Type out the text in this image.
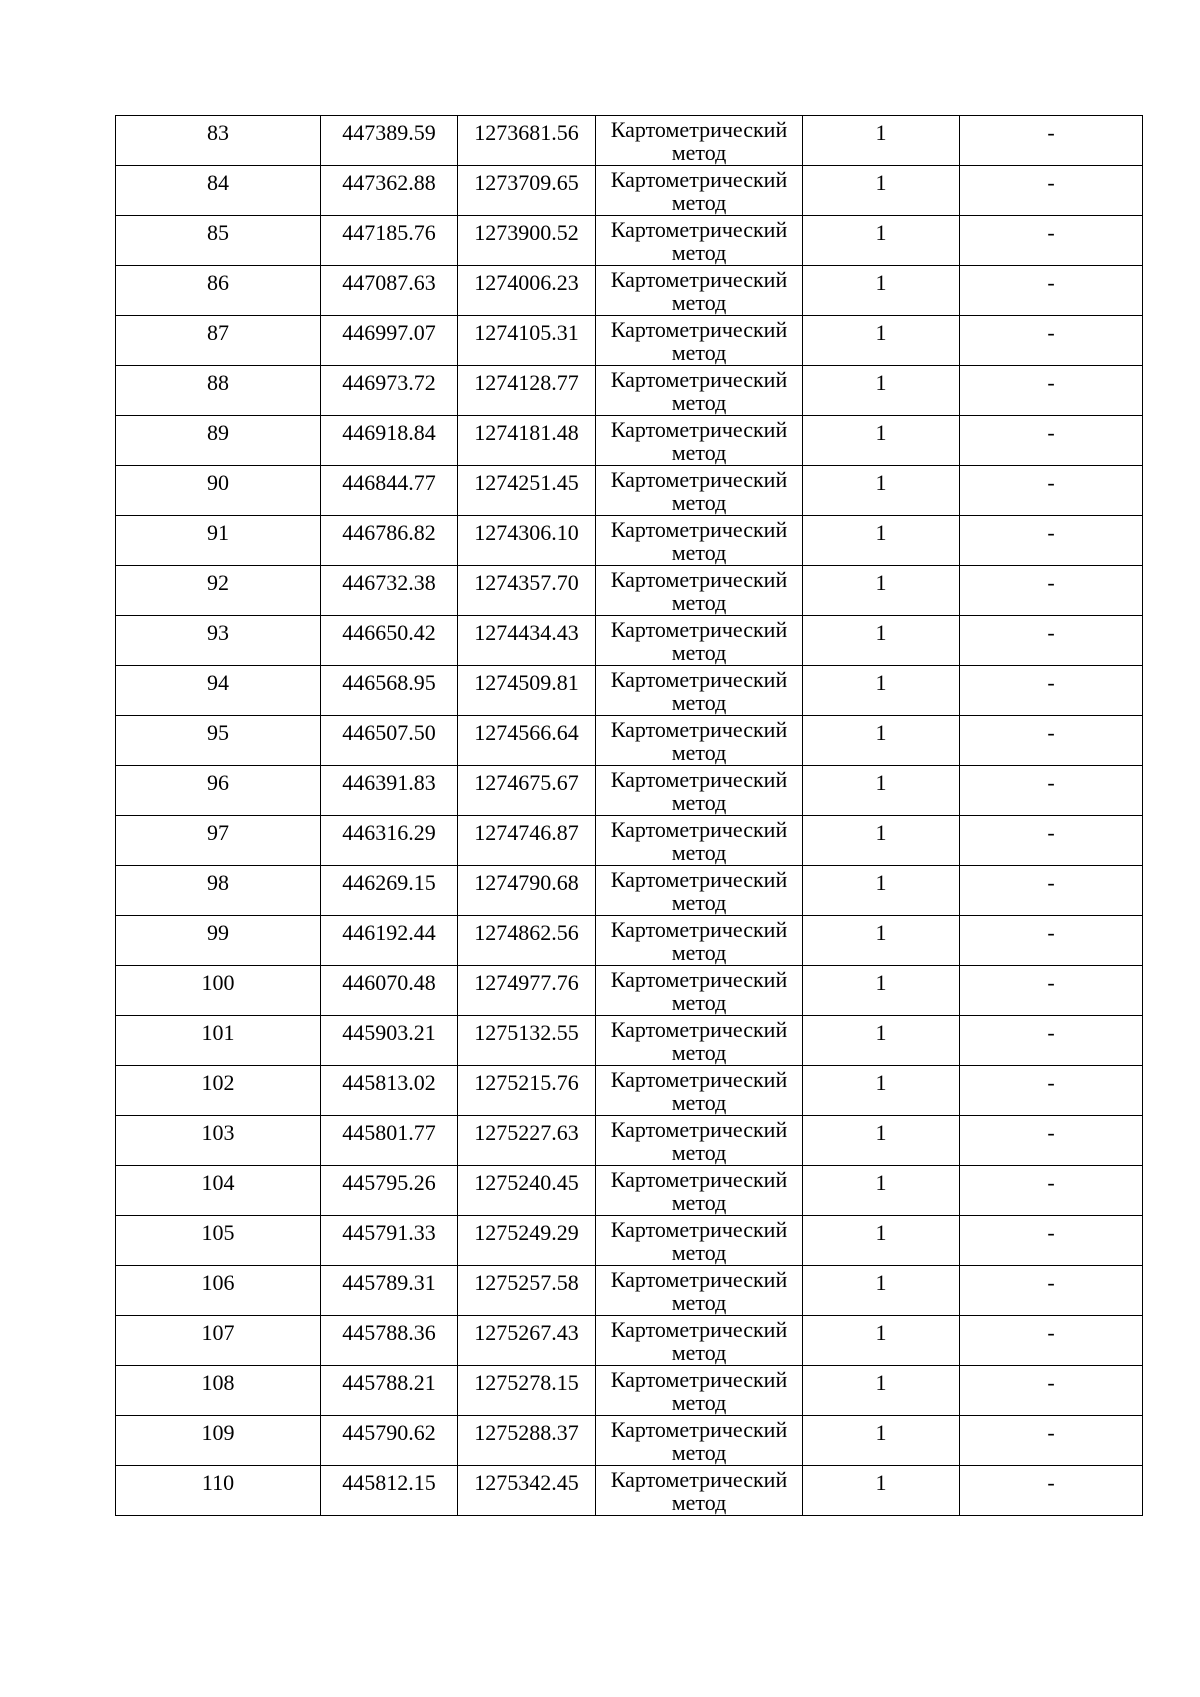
83	447389.59	1273681.56	Картометрический
метод	1	-
84	447362.88	1273709.65	Картометрический
метод	1	-
85	447185.76	1273900.52	Картометрический
метод	1	-
86	447087.63	1274006.23	Картометрический
метод	1	-
87	446997.07	1274105.31	Картометрический
метод	1	-
88	446973.72	1274128.77	Картометрический
метод	1	-
89	446918.84	1274181.48	Картометрический
метод	1	-
90	446844.77	1274251.45	Картометрический
метод	1	-
91	446786.82	1274306.10	Картометрический
метод	1	-
92	446732.38	1274357.70	Картометрический
метод	1	-
93	446650.42	1274434.43	Картометрический
метод	1	-
94	446568.95	1274509.81	Картометрический
метод	1	-
95	446507.50	1274566.64	Картометрический
метод	1	-
96	446391.83	1274675.67	Картометрический
метод	1	-
97	446316.29	1274746.87	Картометрический
метод	1	-
98	446269.15	1274790.68	Картометрический
метод	1	-
99	446192.44	1274862.56	Картометрический
метод	1	-
100	446070.48	1274977.76	Картометрический
метод	1	-
101	445903.21	1275132.55	Картометрический
метод	1	-
102	445813.02	1275215.76	Картометрический
метод	1	-
103	445801.77	1275227.63	Картометрический
метод	1	-
104	445795.26	1275240.45	Картометрический
метод	1	-
105	445791.33	1275249.29	Картометрический
метод	1	-
106	445789.31	1275257.58	Картометрический
метод	1	-
107	445788.36	1275267.43	Картометрический
метод	1	-
108	445788.21	1275278.15	Картометрический
метод	1	-
109	445790.62	1275288.37	Картометрический
метод	1	-
110	445812.15	1275342.45	Картометрический
метод	1	-
